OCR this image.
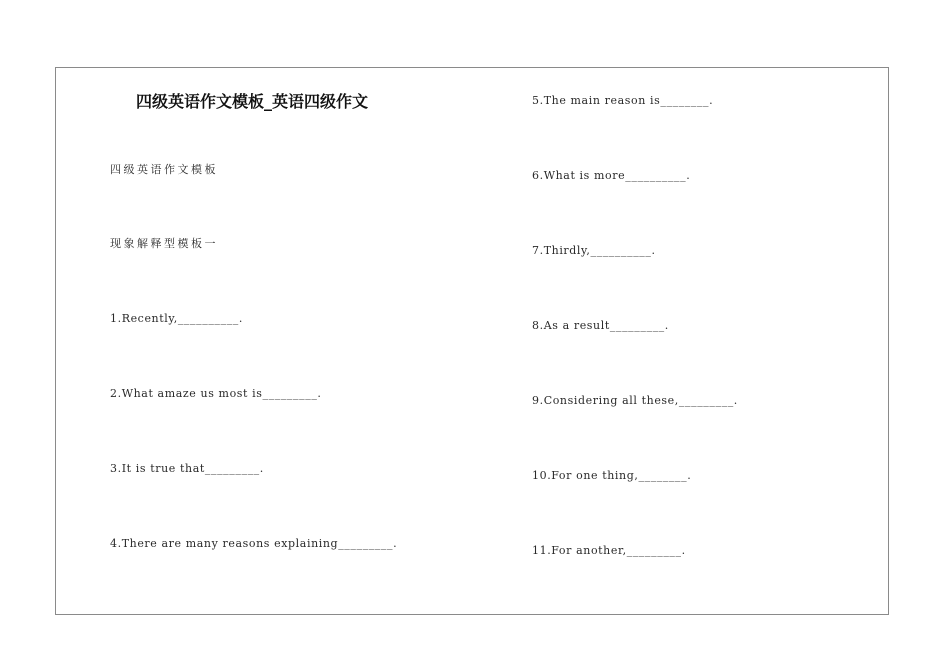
四级英语作文模板_英语四级作文
四级英语作文模板
现象解释型模板一
1.Recently,__________.
2.What amaze us most is_________.
3.It is true that_________.
4.There are many reasons explaining_________.
5.The main reason is________.
6.What is more__________.
7.Thirdly,__________.
8.As a result_________.
9.Considering all these,_________.
10.For one thing,________.
11.For another,_________.
